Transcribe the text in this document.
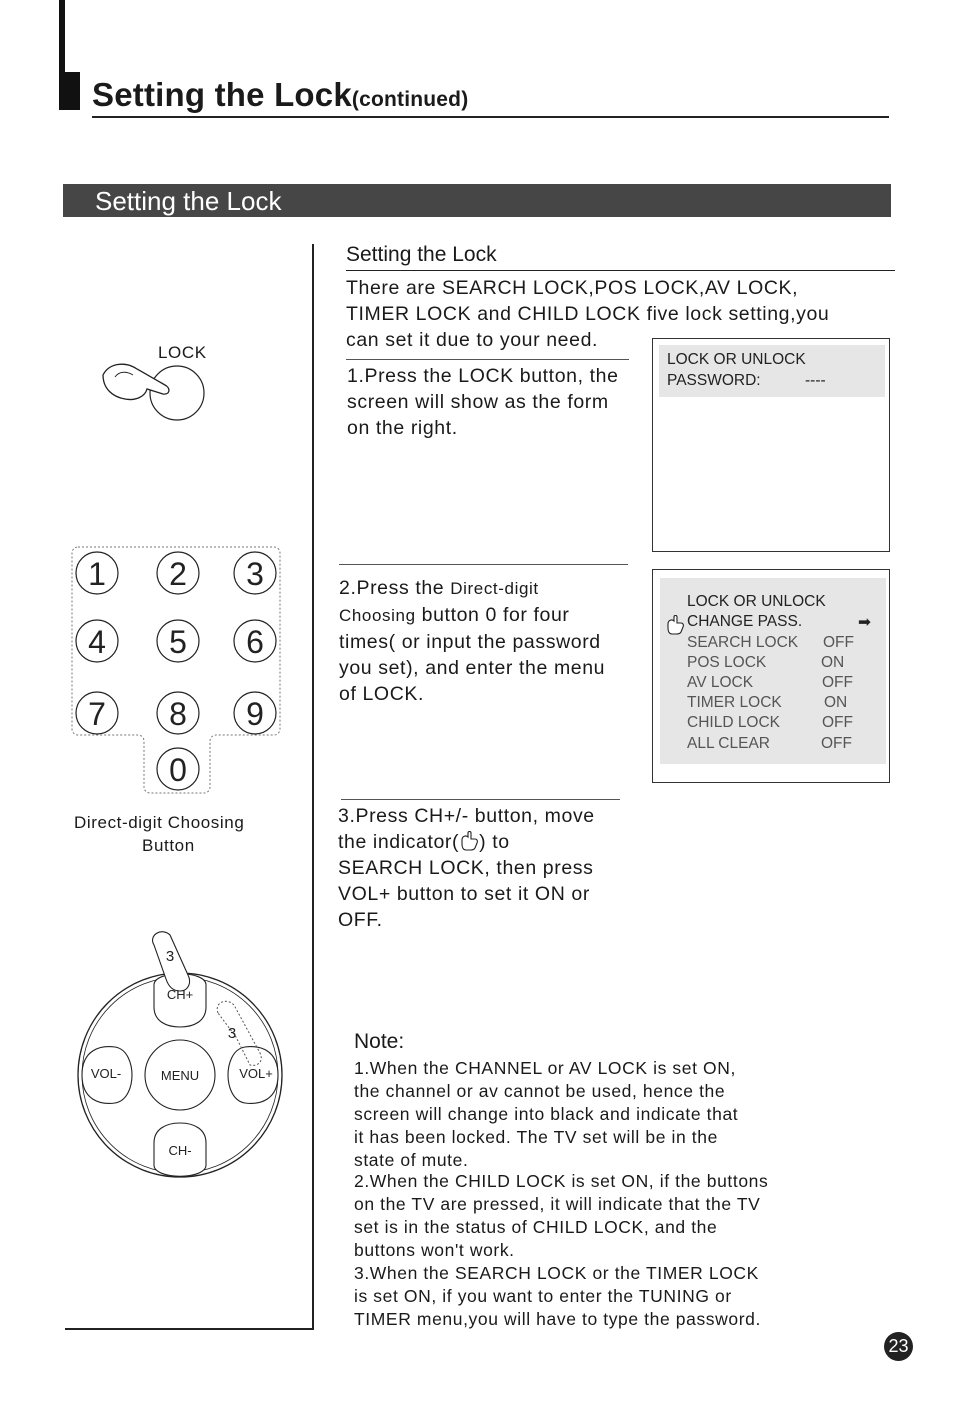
Setting the Lock(continued)
Setting the Lock
LOCK
1 2 3
4 5 6
7 8 9
0
Direct-digit Choosing
Button
CH+
CH-
VOL-	VOL+
MENU
3
3
Setting the Lock
There are SEARCH LOCK,POS LOCK,AV LOCK,
TIMER LOCK and CHILD LOCK five lock setting,you
can set it due to your need.
1.Press the LOCK button, the
screen will show as the form
on the right.
2.Press the Direct-digit
Choosing button 0 for four
times( or input the password
you set), and enter the menu
of LOCK.
3.Press CH+/- button, move
the indicator( ) to
SEARCH LOCK, then press
VOL+ button to set it ON or
OFF.
LOCK OR UNLOCK
PASSWORD:	----
LOCK OR UNLOCK
CHANGE PASS.	➡
SEARCH LOCK OFF
POS LOCK	ON
AV LOCK	OFF
TIMER LOCK	ON
CHILD LOCK	OFF
ALL CLEAR	OFF
Note:
1.When the CHANNEL or AV LOCK is set ON,
the channel or av cannot be used, hence the
screen will change into black and indicate that
it has been locked. The TV set will be in the
state of mute.
2.When the CHILD LOCK is set ON, if the buttons
on the TV are pressed, it will indicate that the TV
set is in the status of CHILD LOCK, and the
buttons won't work.
3.When the SEARCH LOCK or the TIMER LOCK
is set ON, if you want to enter the TUNING or
TIMER menu,you will have to type the password.
23
